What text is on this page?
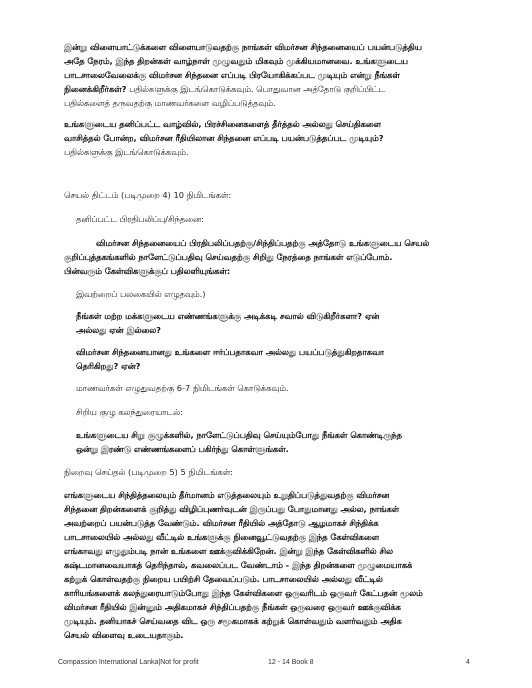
இன்று விளையாட்டுக்களை விளையாடுவதற்கு நாங்கள் விமர்சன சிந்தனையைப் பயன்படுத்திய

அதே நேரம், இந்த திறன்கள் வாழ்நாள் முழுவதும் மிகவும் முக்கியமானவை. உங்களுடைய

பாடசாலைவேலைக்கு விமர்சன சிந்தனை எப்படி பிரயோகிக்கப்பட முடியும் என்று நீங்கள்

நினைக்கிறீர்கள்? பதில்களுக்கு இடங்கொடுக்கவும். பொதுவான அத்தோடு குறிப்பிட்ட

பதில்களைத் தருவதற்கு மாணவர்களை வழிப்படுத்தவும்.

உங்களுடைய தனிப்பட்ட வாழ்வில், பிரச்சினைகளைத் தீர்த்தல் அல்லது செய்திகளை

வாசித்தல் போன்ற, விமர்சன ரீதியிலான சிந்தனை எப்படி பயன்படுத்தப்பட முடியும்?

பதில்களுக்கு இடங்கொடுக்கவும்.

செயல் திட்டம் (படிமுறை 4) 10 நிமிடங்கள்:

தனிப்பட்ட பிரதிபலிப்பு/சிந்தனை:

விமர்சன சிந்தனையைப் பிரதிபலிப்பதற்கு/சிந்திப்பதற்கு அத்தோடு உங்களுடைய செயல்

குறிப்புத்தகங்களில் நாளேட்டுப்பதிவு செய்வதற்கு சிறிது நேரத்தை நாங்கள் எடுப்போம்.

பின்வரும் கேள்விகளுக்குப் பதிலளியுங்கள்:

இவற்றைப் பலகையில் எழுதவும்.)

நீங்கள் மற்ற மக்களுடைய எண்ணங்களுக்கு அடிக்கடி சவால் விடுகிறீர்களா? ஏன்

அல்லது ஏன் இல்லை?

விமர்சன சிந்தனையானது உங்களை ஈர்ப்பதாகவா அல்லது பயப்படுத்துகிறதாகவா

தெரிகிறது? ஏன்?

மாணவர்கள் எழுதுவதற்கு 6-7 நிமிடங்கள் கொடுக்கவும்.

சிறிய குழு கலந்துரையாடல்:

உங்களுடைய சிறு குழுக்களில், நாளேட்டுப்பதிவு செய்யும்போது நீங்கள் கொண்டிருந்த

ஒன்று இரண்டு எண்ணங்களைப் பகிர்ந்து கொள்ளுங்கள்.

நிறைவு செய்தல் (படிமுறை 5) 5 நிமிடங்கள்:

எங்களுடைய சிந்தித்தலையும் தீர்மானம் எடுத்தலையும் உறுதிப்படுத்துவதற்கு விமர்சன

சிந்தனை திறன்களைக் குறித்து விழிப்புணர்வுடன் இருப்பது போதுமானது அல்ல, நாங்கள்

அவற்றைப் பயன்படுத்த வேண்டும். விமர்சன ரீதியில் அத்தோடு ஆழமாகச் சிந்திக்க

பாடசாலையில் அல்லது வீட்டில் உங்களுக்கு நினைவூட்டுவதற்கு இந்த கேள்விகளை

எங்காவது எழுதும்படி நான் உங்களை ஊக்குவிக்கிறேன். இன்று இந்த கேள்விகளில் சில

கஷ்டமானவையாகத் தெரிந்தால், கவலைப்பட வேண்டாம் - இந்த திறன்களை முழுமையாகக்

கற்றுக் கொள்வதற்கு நிறைய பயிற்சி தேவைப்படும். பாடசாலையில் அல்லது வீட்டில்

காரியங்களைக் கலந்துரையாடும்போது இந்த கேள்விகளை ஒருவரிடம் ஒருவர் கேட்பதன் மூலம்

விமர்சன ரீதியில் இன்னும் அதிகமாகச் சிந்திப்பதற்கு நீங்கள் ஒருவரை ஒருவர் ஊக்குவிக்க

முடியும். தனியாகச் செய்வதை விட ஒரு சமூகமாகக் கற்றுக் கொள்வதும் வளர்வதும் அதிக

செயல் விளைவு உடையதாகும்.

Compassion International Lanka|Not for profit	12 - 14 Book 8	4
